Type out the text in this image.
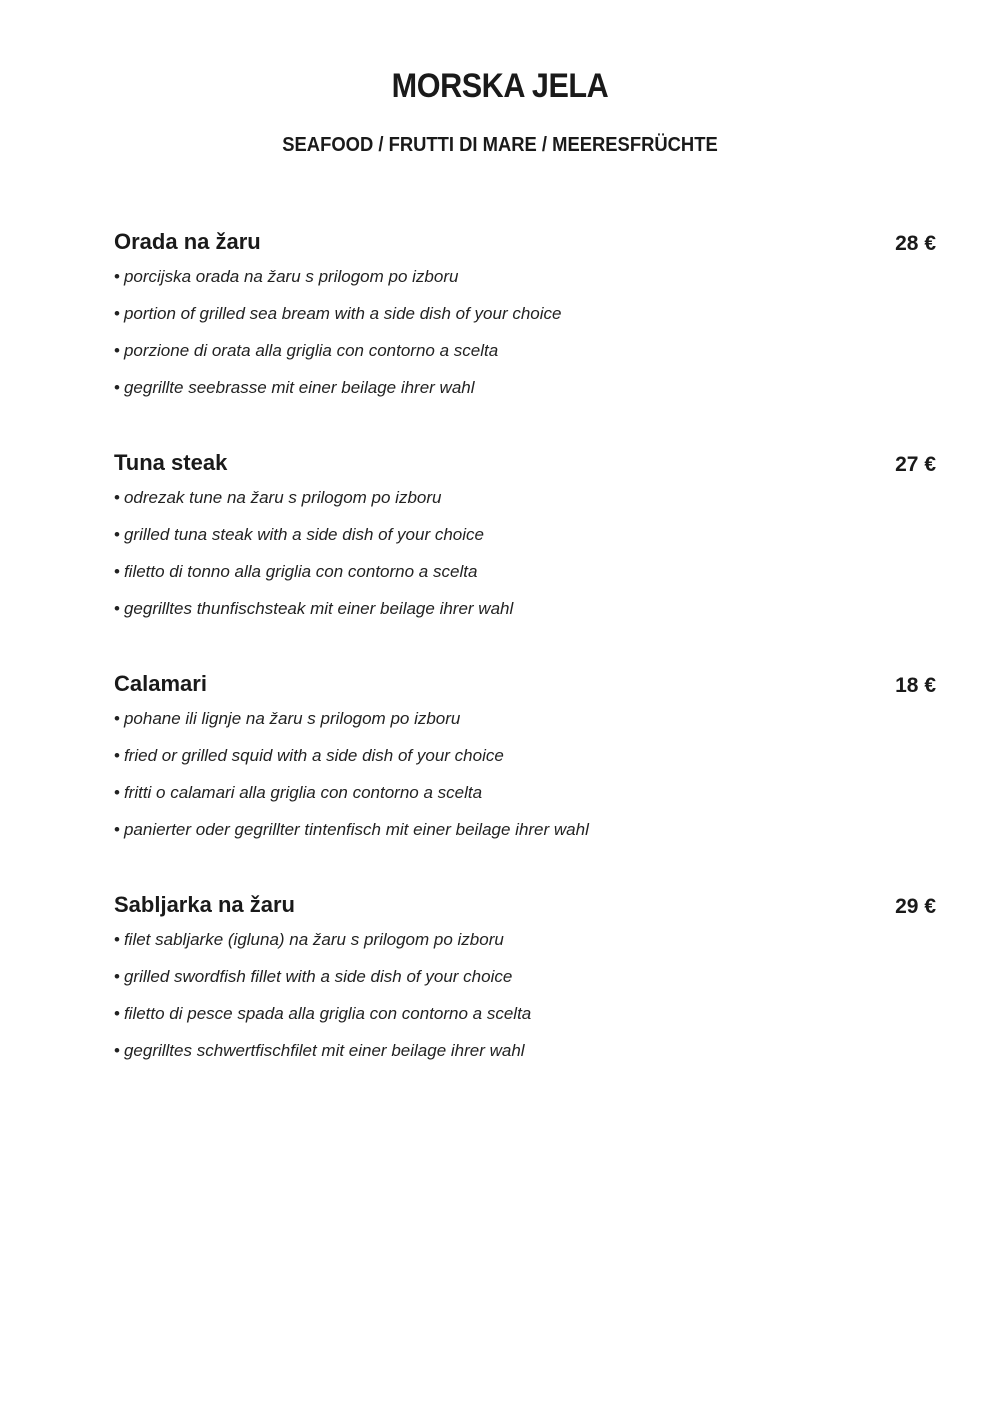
MORSKA JELA
SEAFOOD / FRUTTI DI MARE / MEERESFRÜCHTE
Orada na žaru	28 €
• porcijska orada na žaru s prilogom po izboru
• portion of grilled sea bream with a side dish of your choice
• porzione di orata alla griglia con contorno a scelta
• gegrillte seebrasse mit einer beilage ihrer wahl
Tuna steak	27 €
• odrezak tune na žaru s prilogom po izboru
• grilled tuna steak with a side dish of your choice
• filetto di tonno alla griglia con contorno a scelta
• gegrilltes thunfischsteak mit einer beilage ihrer wahl
Calamari	18 €
• pohane ili lignje na žaru s prilogom po izboru
• fried or grilled squid with a side dish of your choice
• fritti o calamari alla griglia con contorno a scelta
• panierter oder gegrillter tintenfisch mit einer beilage ihrer wahl
Sabljarka na žaru	29 €
• filet sabljarke (igluna) na žaru s prilogom po izboru
• grilled swordfish fillet with a side dish of your choice
• filetto di pesce spada alla griglia con contorno a scelta
• gegrilltes schwertfischfilet mit einer beilage ihrer wahl
